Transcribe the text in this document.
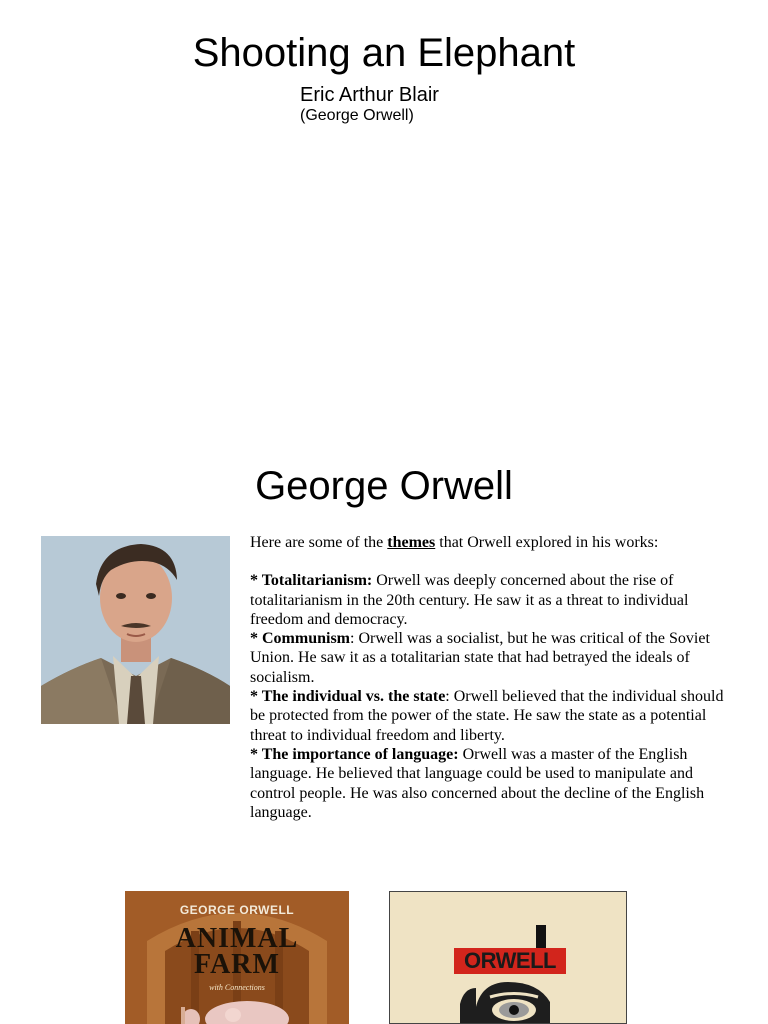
Shooting an Elephant
Eric Arthur Blair
(George Orwell)
George Orwell

Here are some of the themes that Orwell explored in his works:

* Totalitarianism: Orwell was deeply concerned about the rise of totalitarianism in the 20th century. He saw it as a threat to individual freedom and democracy.

* Communism: Orwell was a socialist, but he was critical of the Soviet Union. He saw it as a totalitarian state that had betrayed the ideals of socialism.

* The individual vs. the state: Orwell believed that the individual should be protected from the power of the state. He saw the state as a potential threat to individual freedom and liberty.

* The importance of language: Orwell was a master of the English language. He believed that language could be used to manipulate and control people. He was also concerned about the decline of the English language.

GEORGE ORWELL
ANIMAL
FARM
with Connections
ORWELL
